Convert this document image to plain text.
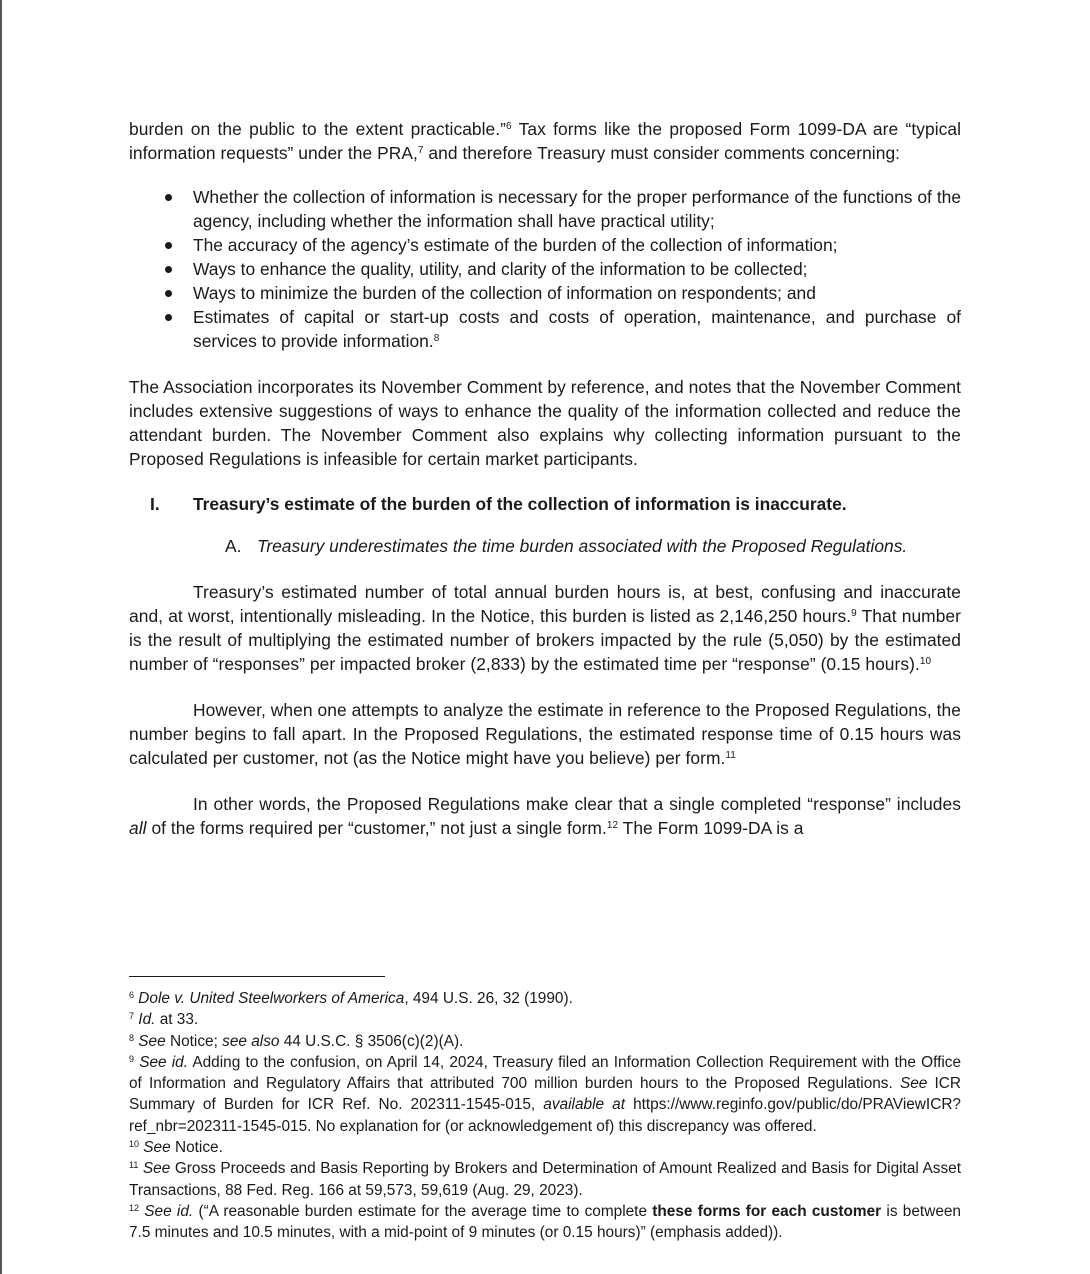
burden on the public to the extent practicable.”$^6$ Tax forms like the proposed Form 1099-DA are “typical information requests” under the PRA,$^7$ and therefore Treasury must consider comments concerning:

Whether the collection of information is necessary for the proper performance of the functions of the agency, including whether the information shall have practical utility;
The accuracy of the agency’s estimate of the burden of the collection of information;
Ways to enhance the quality, utility, and clarity of the information to be collected;
Ways to minimize the burden of the collection of information on respondents; and
Estimates of capital or start-up costs and costs of operation, maintenance, and purchase of services to provide information.$^8$

The Association incorporates its November Comment by reference, and notes that the November Comment includes extensive suggestions of ways to enhance the quality of the information collected and reduce the attendant burden. The November Comment also explains why collecting information pursuant to the Proposed Regulations is infeasible for certain market participants.

I.	Treasury’s estimate of the burden of the collection of information is inaccurate.
A. Treasury underestimates the time burden associated with the Proposed Regulations.

Treasury’s estimated number of total annual burden hours is, at best, confusing and inaccurate and, at worst, intentionally misleading. In the Notice, this burden is listed as 2,146,250 hours.$^9$ That number is the result of multiplying the estimated number of brokers impacted by the rule (5,050) by the estimated number of “responses” per impacted broker (2,833) by the estimated time per “response” (0.15 hours).$^{10}$

However, when one attempts to analyze the estimate in reference to the Proposed Regulations, the number begins to fall apart. In the Proposed Regulations, the estimated response time of 0.15 hours was calculated per customer, not (as the Notice might have you believe) per form.$^{11}$

In other words, the Proposed Regulations make clear that a single completed “response” includes all of the forms required per “customer,” not just a single form.$^{12}$ The Form 1099-DA is a

$^6$ Dole v. United Steelworkers of America, 494 U.S. 26, 32 (1990).

$^7$ Id. at 33.

$^8$ See Notice; see also 44 U.S.C. § 3506(c)(2)(A).

$^9$ See id. Adding to the confusion, on April 14, 2024, Treasury filed an Information Collection Requirement with the Office of Information and Regulatory Affairs that attributed 700 million burden hours to the Proposed Regulations. See ICR Summary of Burden for ICR Ref. No. 202311-1545-015, available at https://www.reginfo.gov/public/do/PRAViewICR?ref_nbr=202311-1545-015. No explanation for (or acknowledgement of) this discrepancy was offered.

$^{10}$ See Notice.

$^{11}$ See Gross Proceeds and Basis Reporting by Brokers and Determination of Amount Realized and Basis for Digital Asset Transactions, 88 Fed. Reg. 166 at 59,573, 59,619 (Aug. 29, 2023).

$^{12}$ See id. (“A reasonable burden estimate for the average time to complete these forms for each customer is between 7.5 minutes and 10.5 minutes, with a mid-point of 9 minutes (or 0.15 hours)” (emphasis added)).
